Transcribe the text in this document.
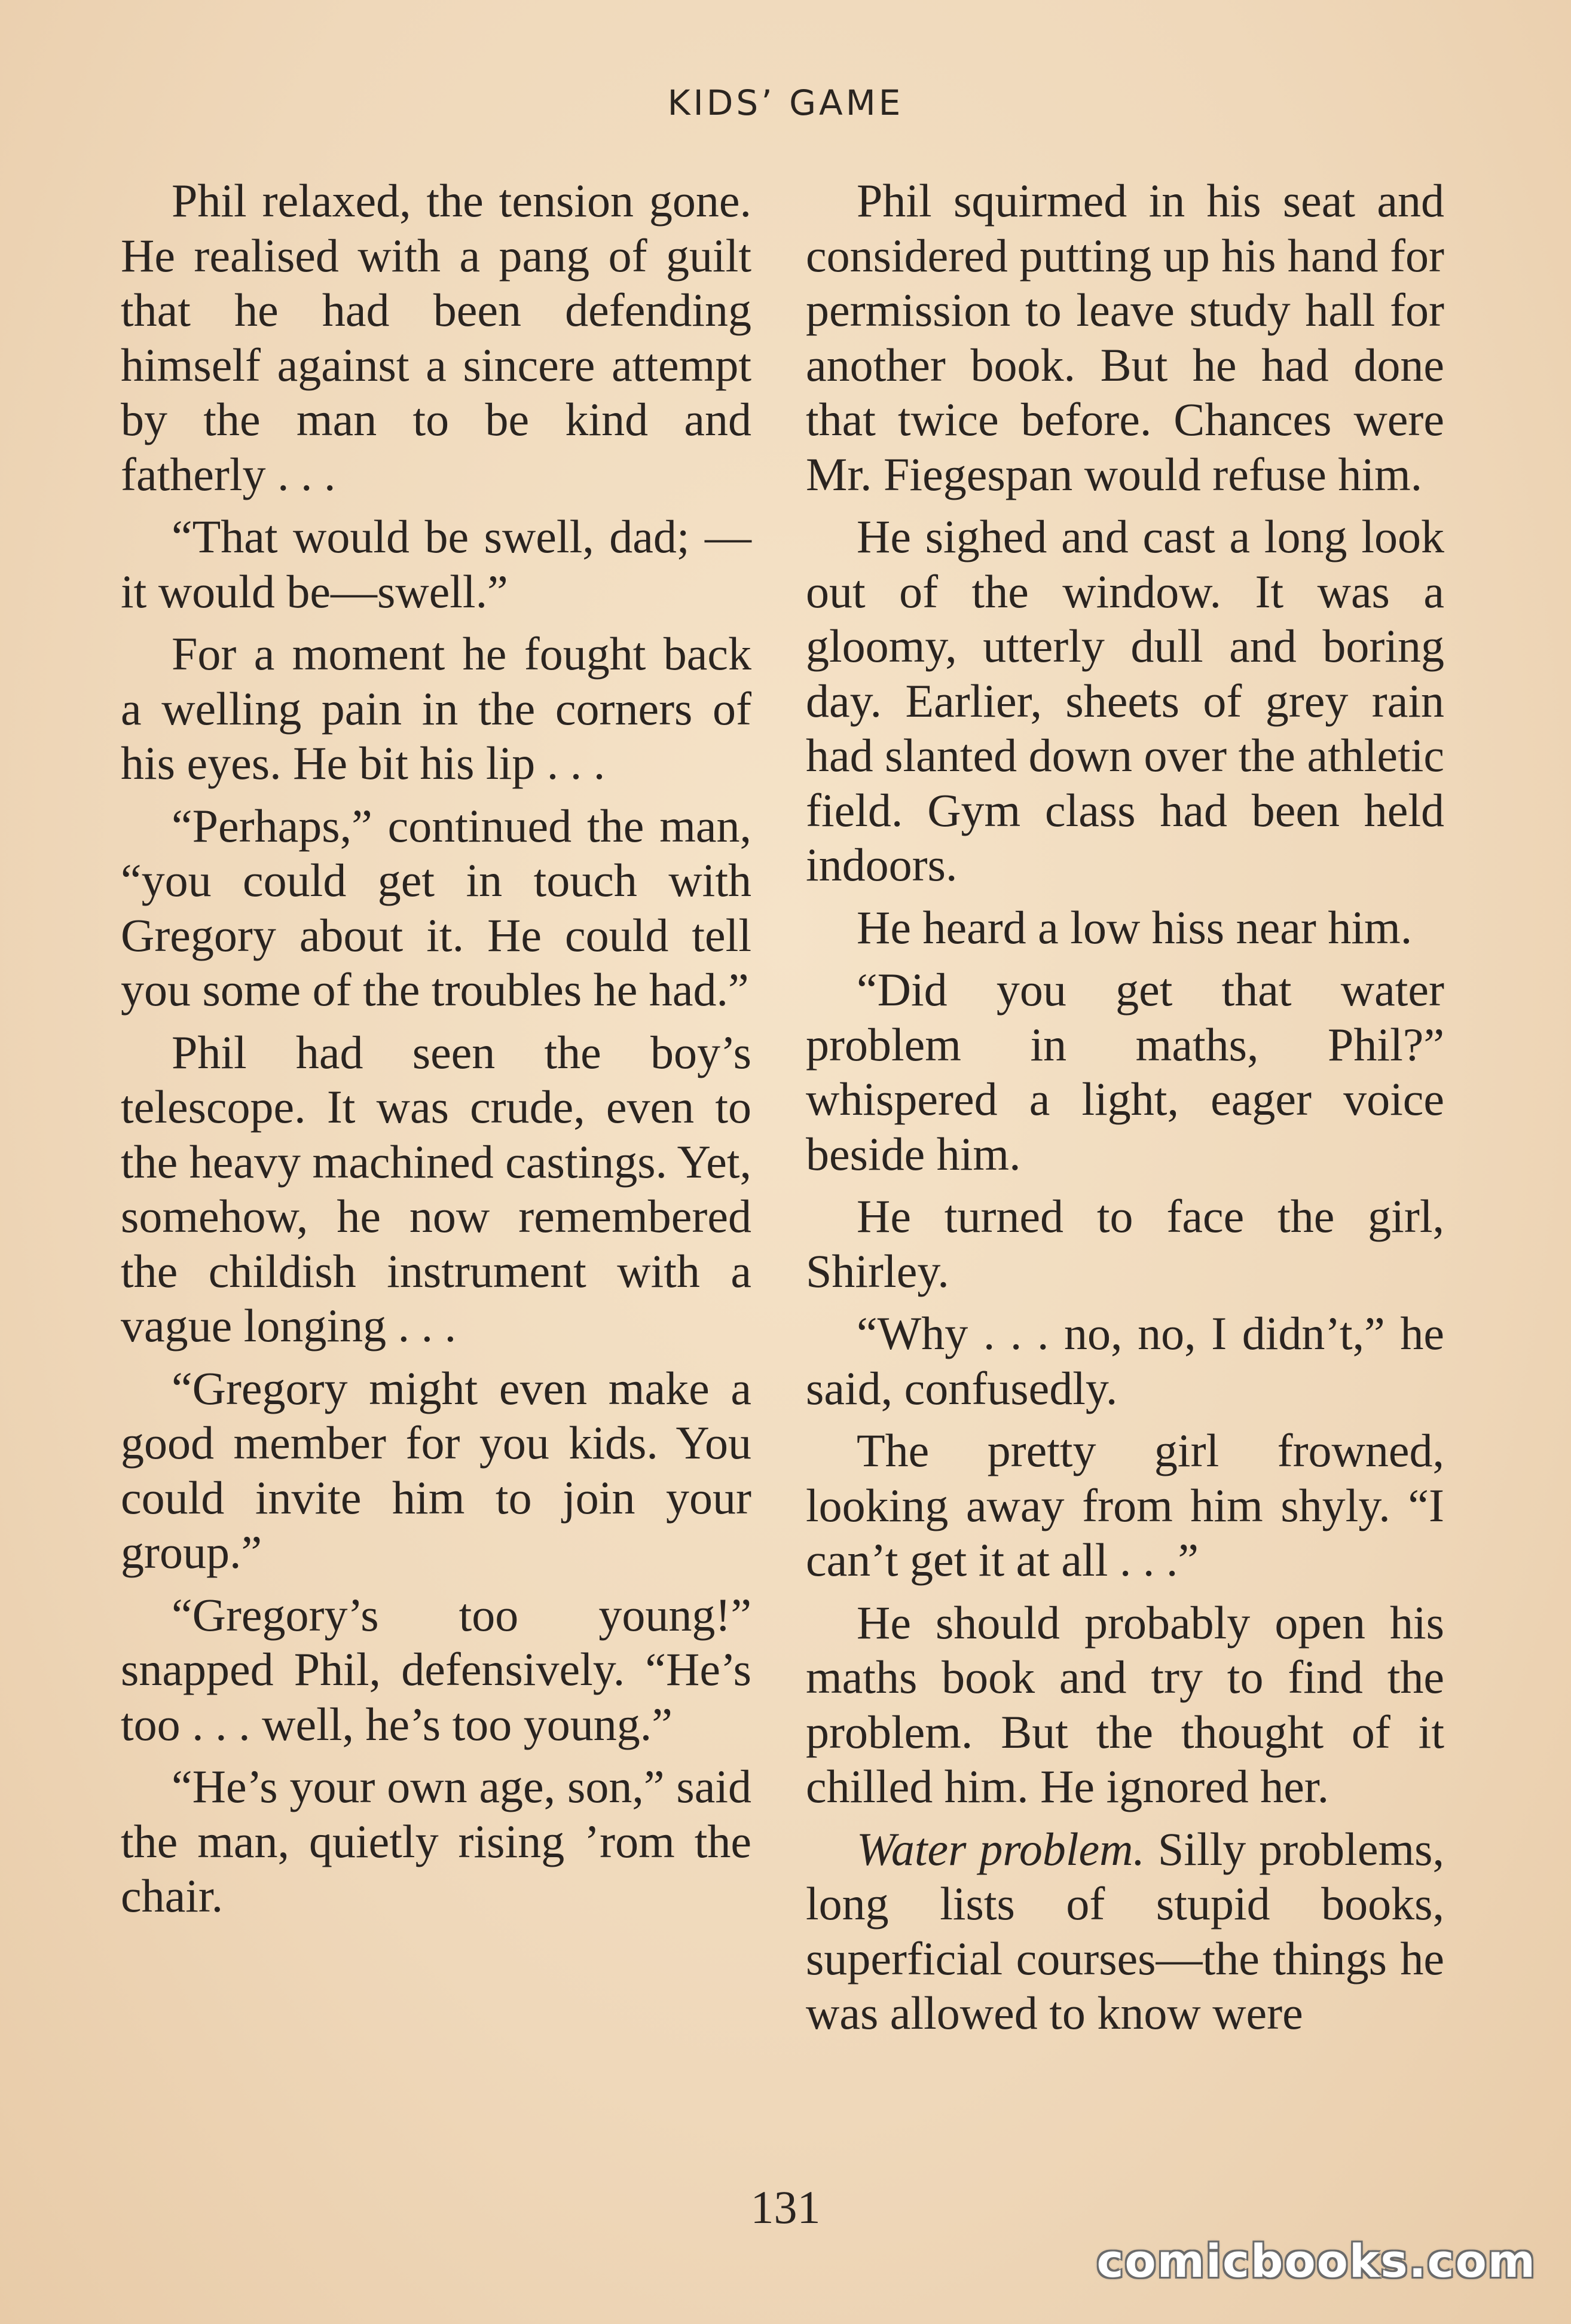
KIDS’ GAME

Phil relaxed, the tension gone. He realised with a pang of guilt that he had been defending himself against a sincere attempt by the man to be kind and fatherly . . .

“That would be swell, dad; —it would be—swell.”

For a moment he fought back a welling pain in the corners of his eyes. He bit his lip . . .

“Perhaps,” continued the man, “you could get in touch with Gregory about it. He could tell you some of the troubles he had.”

Phil had seen the boy’s telescope. It was crude, even to the heavy machined castings. Yet, somehow, he now remembered the childish instrument with a vague longing . . .

“Gregory might even make a good member for you kids. You could invite him to join your group.”

“Gregory’s too young!” snapped Phil, defensively. “He’s too . . . well, he’s too young.”

“He’s your own age, son,” said the man, quietly rising ’rom the chair.

Phil squirmed in his seat and considered putting up his hand for permission to leave study hall for another book. But he had done that twice before. Chances were Mr. Fiegespan would refuse him.

He sighed and cast a long look out of the window. It was a gloomy, utterly dull and boring day. Earlier, sheets of grey rain had slanted down over the athletic field. Gym class had been held indoors.

He heard a low hiss near him.

“Did you get that water problem in maths, Phil?” whispered a light, eager voice beside him.

He turned to face the girl, Shirley.

“Why . . . no, no, I didn’t,” he said, confusedly.

The pretty girl frowned, looking away from him shyly. “I can’t get it at all . . .”

He should probably open his maths book and try to find the problem. But the thought of it chilled him. He ignored her.

Water problem. Silly problems, long lists of stupid books, superficial courses—the things he was allowed to know were

131
comicbooks.com
